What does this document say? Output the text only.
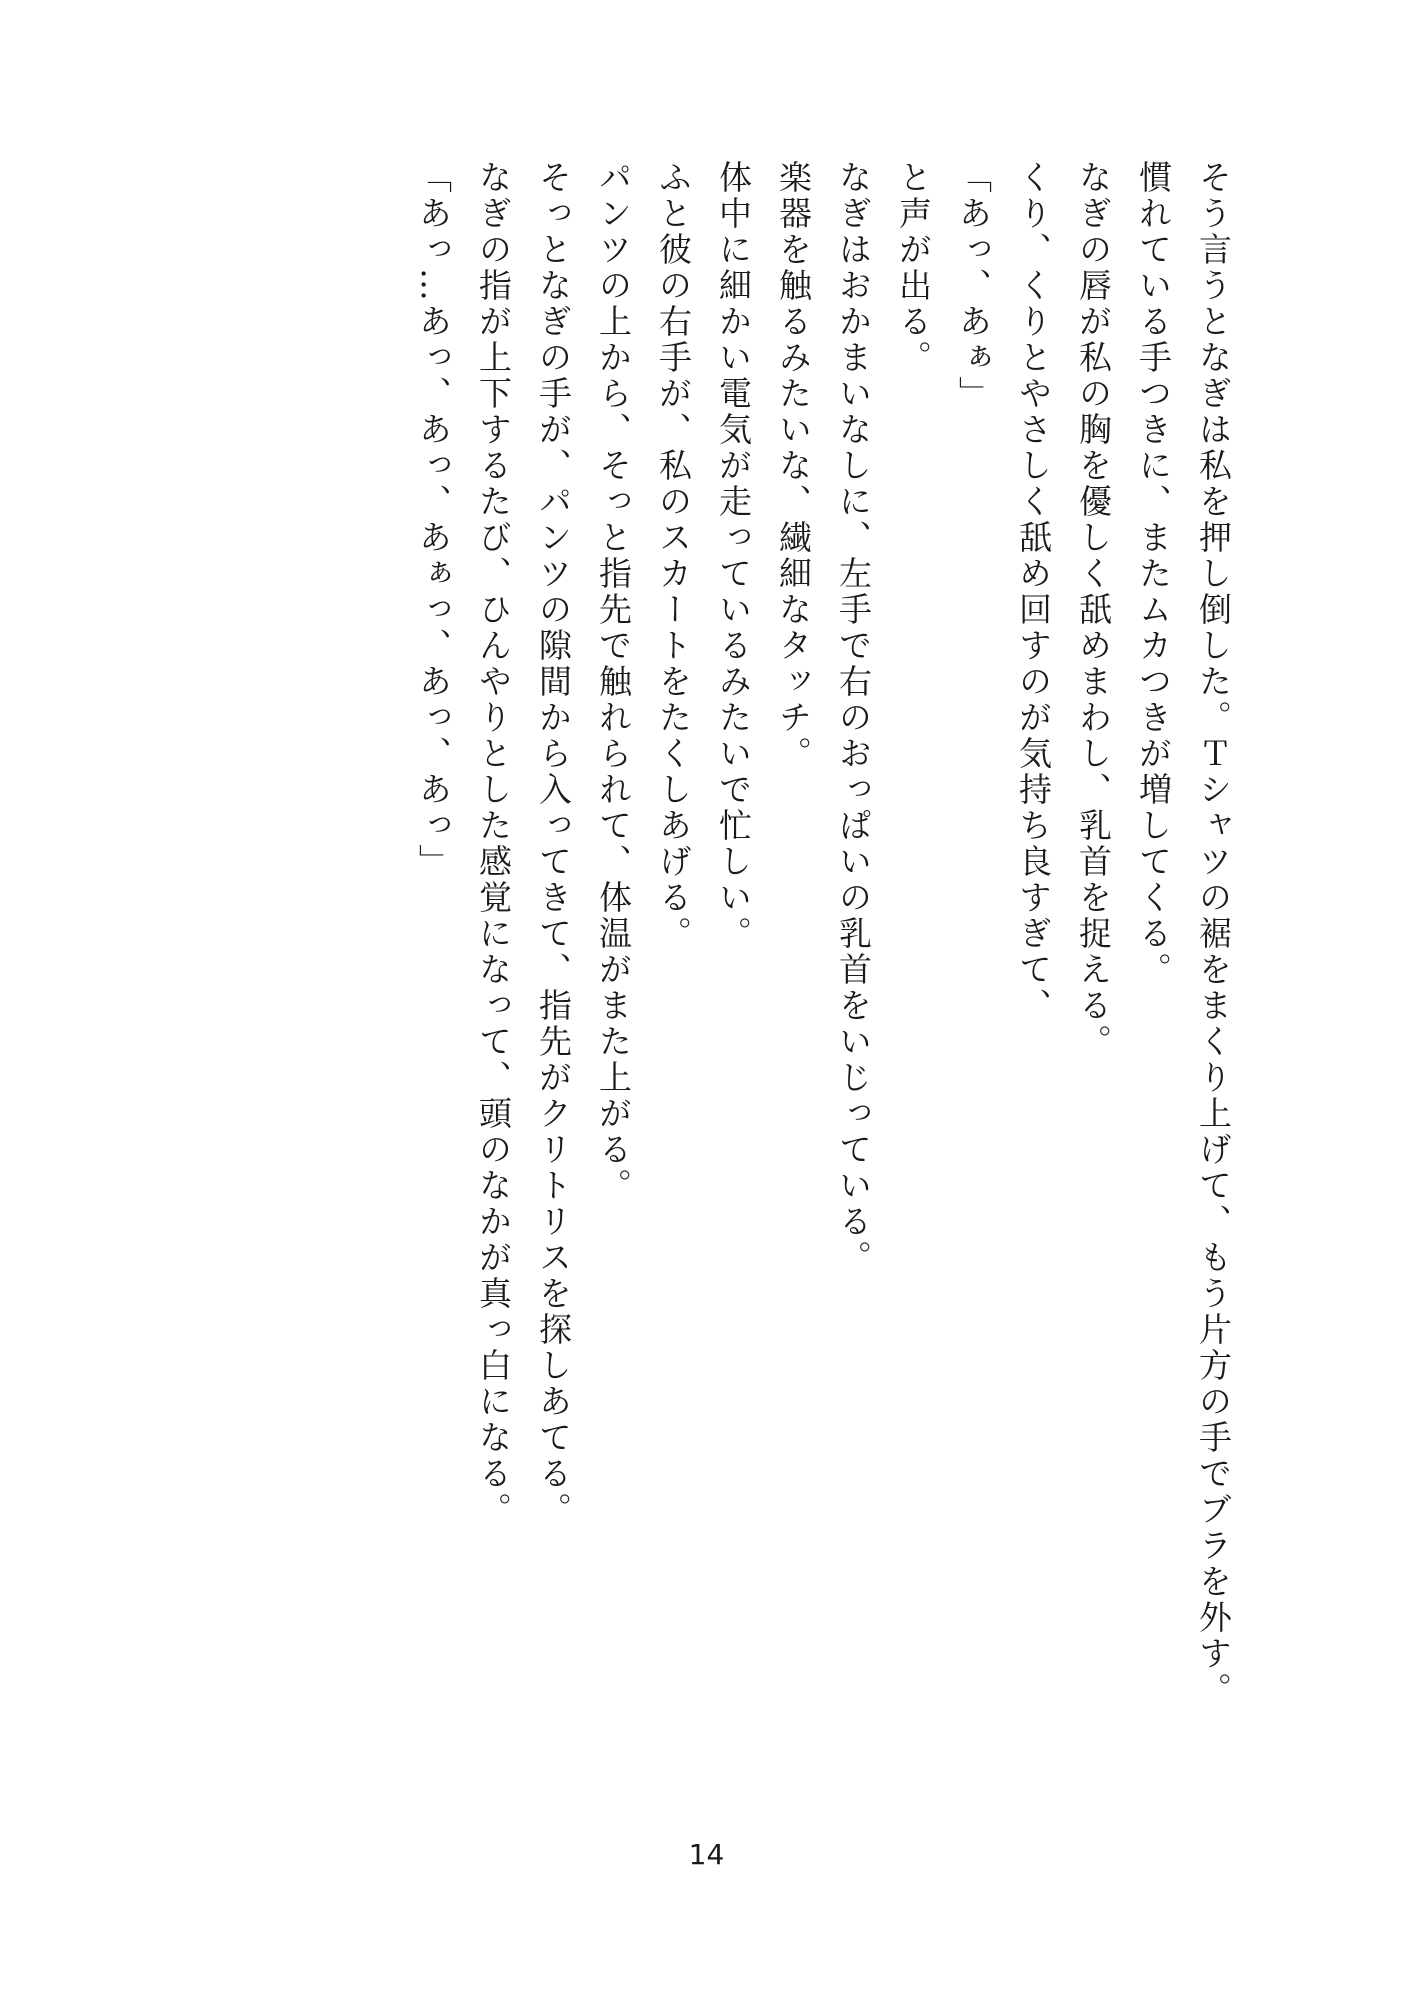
そう言うとなぎは私を押し倒した。Ｔシャツの裾をまくり上げて、もう片方の手でブラを外す。

慣れている手つきに、またムカつきが増してくる。

なぎの唇が私の胸を優しく舐めまわし、乳首を捉える。

くり、くりとやさしく舐め回すのが気持ち良すぎて、

「あっ、あぁ」

と声が出る。

なぎはおかまいなしに、左手で右のおっぱいの乳首をいじっている。

楽器を触るみたいな、繊細なタッチ。

体中に細かい電気が走っているみたいで忙しい。

ふと彼の右手が、私のスカートをたくしあげる。

パンツの上から、そっと指先で触れられて、体温がまた上がる。

そっとなぎの手が、パンツの隙間から入ってきて、指先がクリトリスを探しあてる。

なぎの指が上下するたび、ひんやりとした感覚になって、頭のなかが真っ白になる。

「あっ…あっ、あっ、あぁっ、あっ、あっ」

14
